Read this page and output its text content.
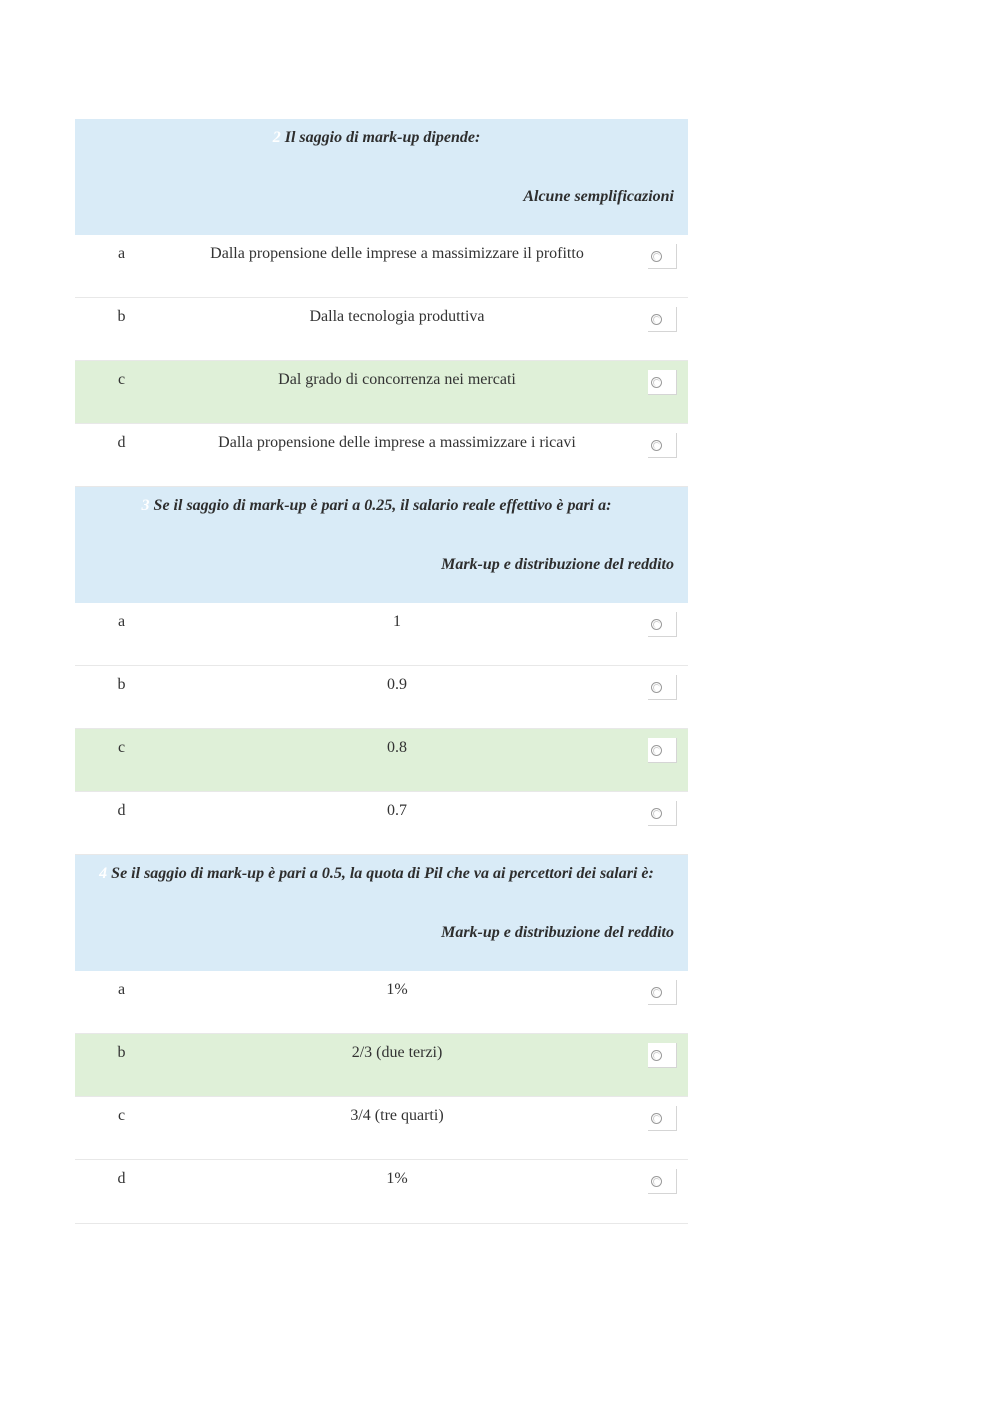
2 Il saggio di mark-up dipende:
Alcune semplificazioni
a	Dalla propensione delle imprese a massimizzare il profitto
b	Dalla tecnologia produttiva
c	Dal grado di concorrenza nei mercati
d	Dalla propensione delle imprese a massimizzare i ricavi
3 Se il saggio di mark-up è pari a 0.25, il salario reale effettivo è pari a:
Mark-up e distribuzione del reddito
a	1
b	0.9
c	0.8
d	0.7
4 Se il saggio di mark-up è pari a 0.5, la quota di Pil che va ai percettori dei salari è:
Mark-up e distribuzione del reddito
a	1%
b	2/3 (due terzi)
c	3/4 (tre quarti)
d	1%
